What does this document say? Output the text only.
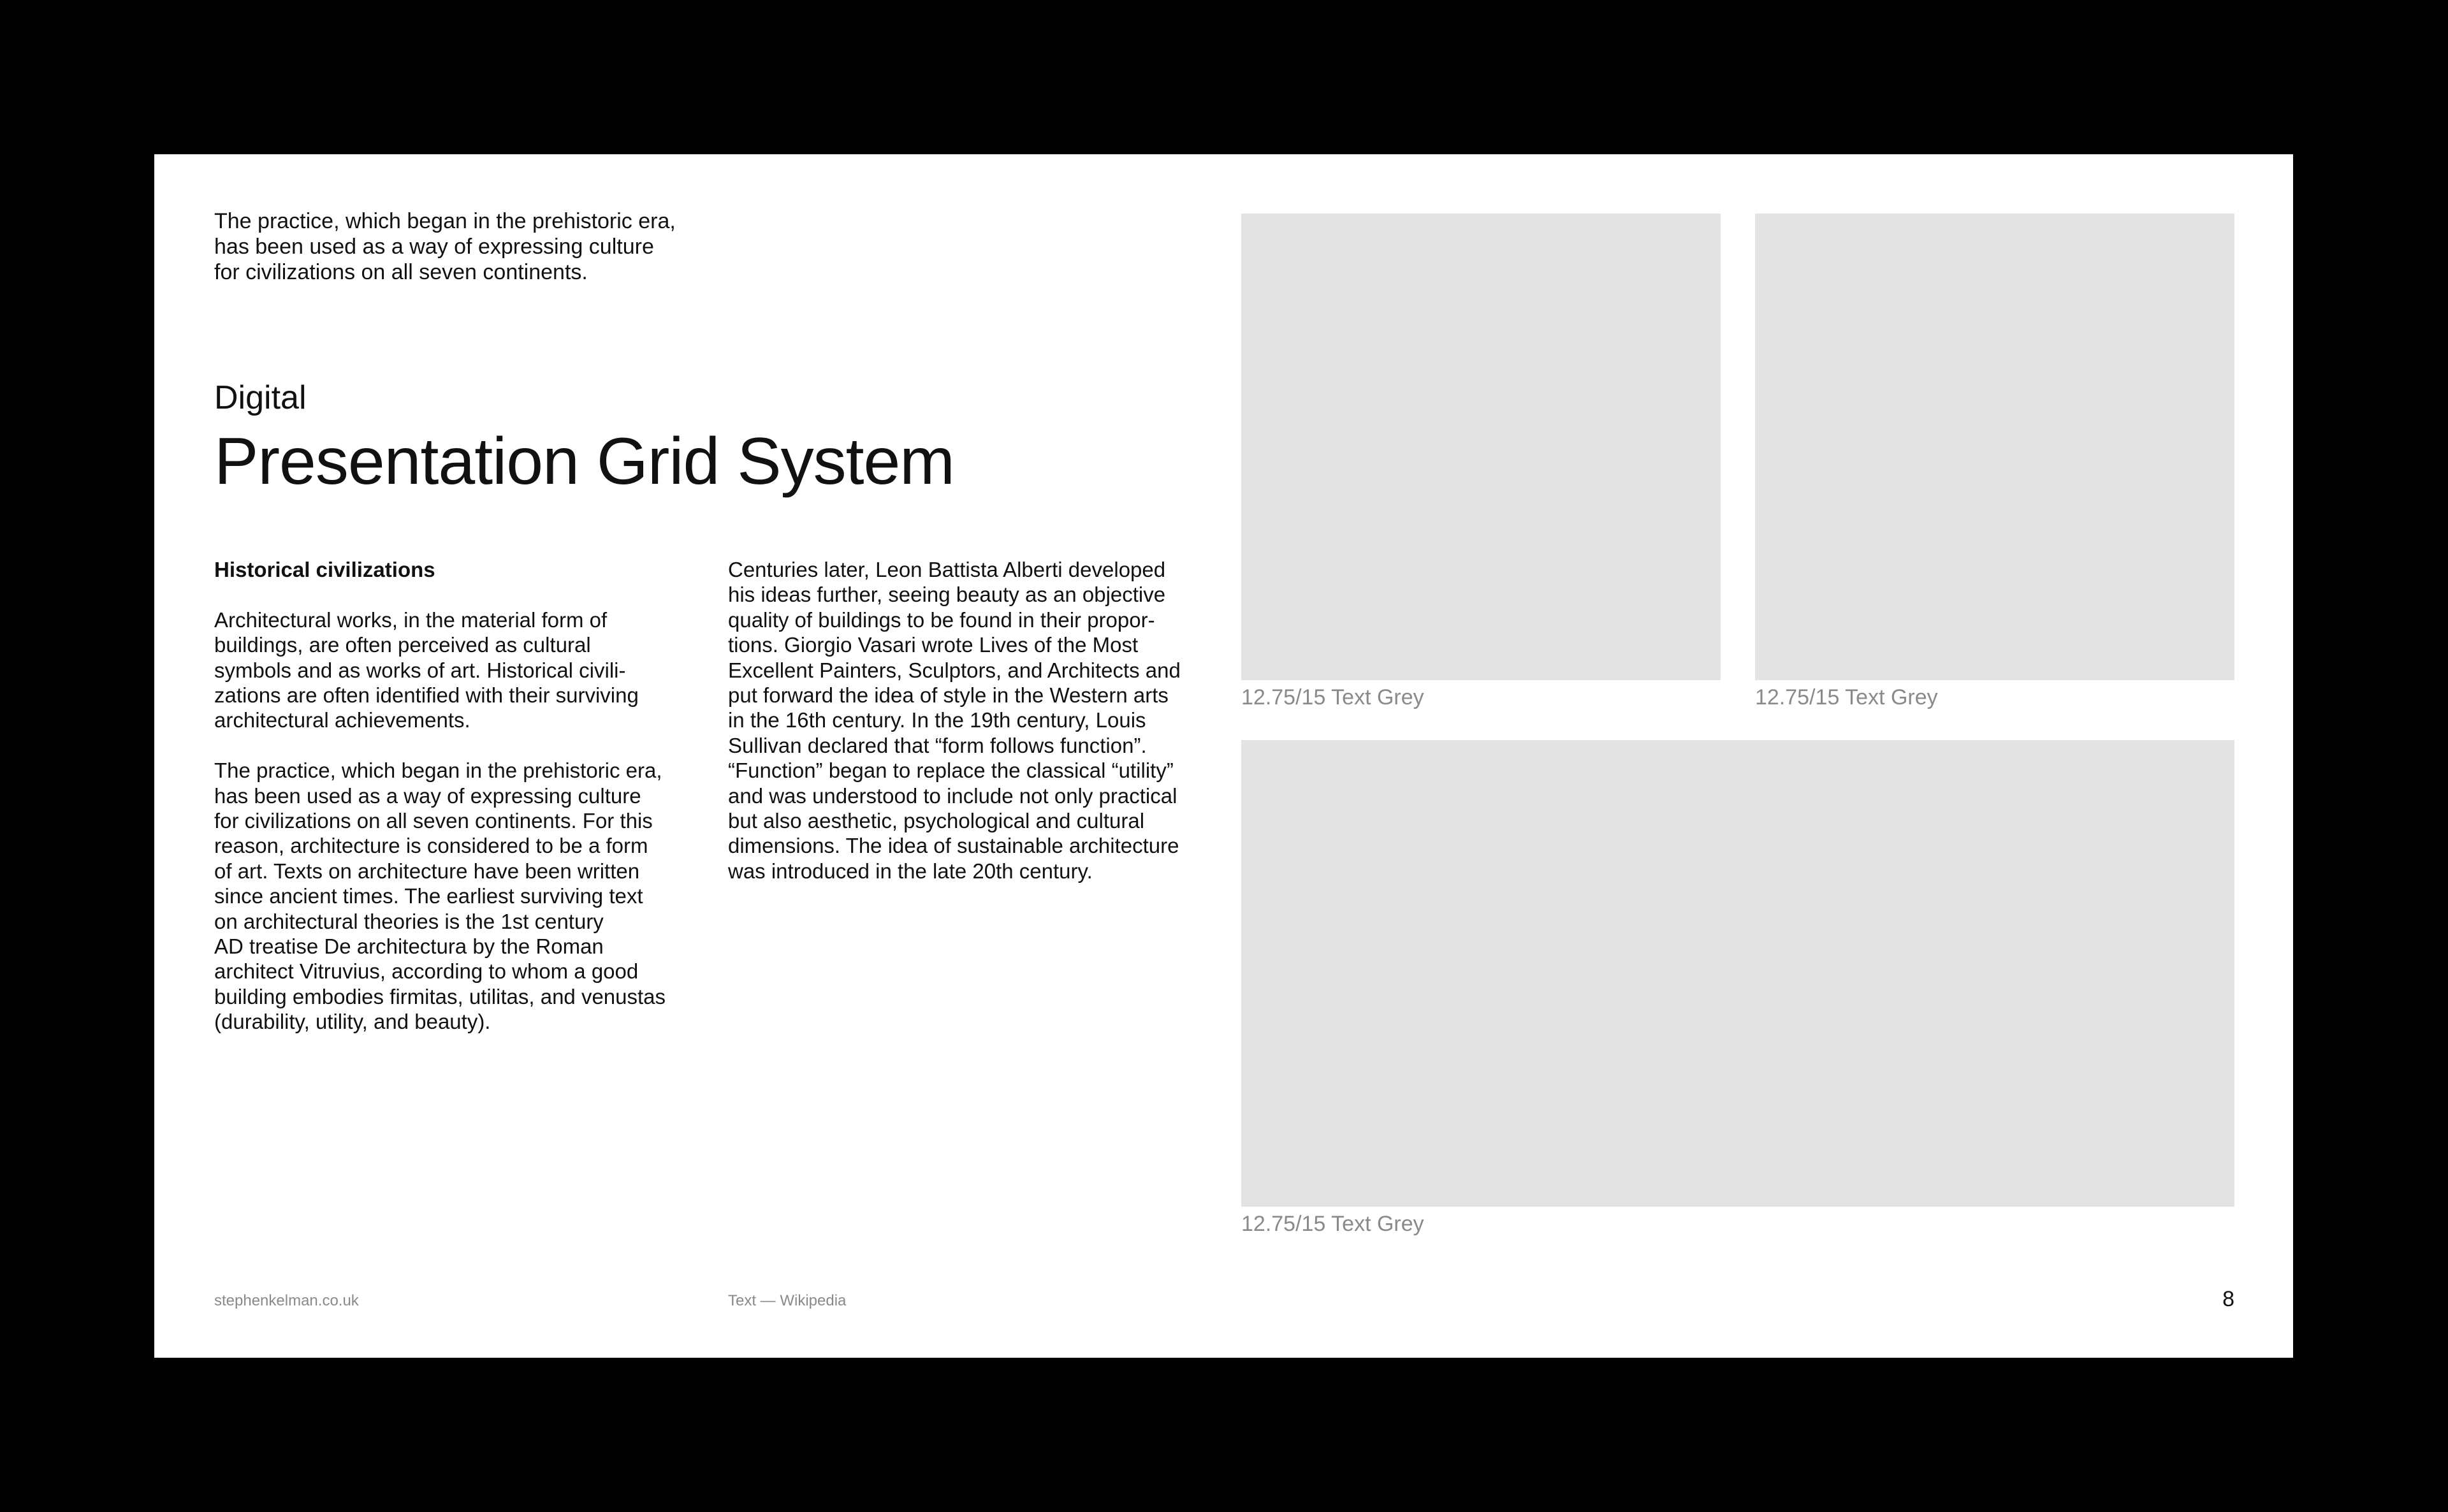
The practice, which began in the prehistoric era,
has been used as a way of expressing culture
for civilizations on all seven continents.

Digital
Presentation Grid System
Historical civilizations

Architectural works, in the material form of
buildings, are often perceived as cultural
symbols and as works of art. Historical civili-
zations are often identified with their surviving
architectural achievements.

The practice, which began in the prehistoric era,
has been used as a way of expressing culture
for civilizations on all seven continents. For this
reason, architecture is considered to be a form
of art. Texts on architecture have been written
since ancient times. The earliest surviving text
on architectural theories is the 1st century
AD treatise De architectura by the Roman
architect Vitruvius, according to whom a good
building embodies firmitas, utilitas, and venustas
(durability, utility, and beauty).

Centuries later, Leon Battista Alberti developed
his ideas further, seeing beauty as an objective
quality of buildings to be found in their propor-
tions. Giorgio Vasari wrote Lives of the Most
Excellent Painters, Sculptors, and Architects and
put forward the idea of style in the Western arts
in the 16th century. In the 19th century, Louis
Sullivan declared that “form follows function”.
“Function” began to replace the classical “utility”
and was understood to include not only practical
but also aesthetic, psychological and cultural
dimensions. The idea of sustainable architecture
was introduced in the late 20th century.

12.75/15 Text Grey	12.75/15 Text Grey

12.75/15 Text Grey

stephenkelman.co.uk	Text — Wikipedia	8
